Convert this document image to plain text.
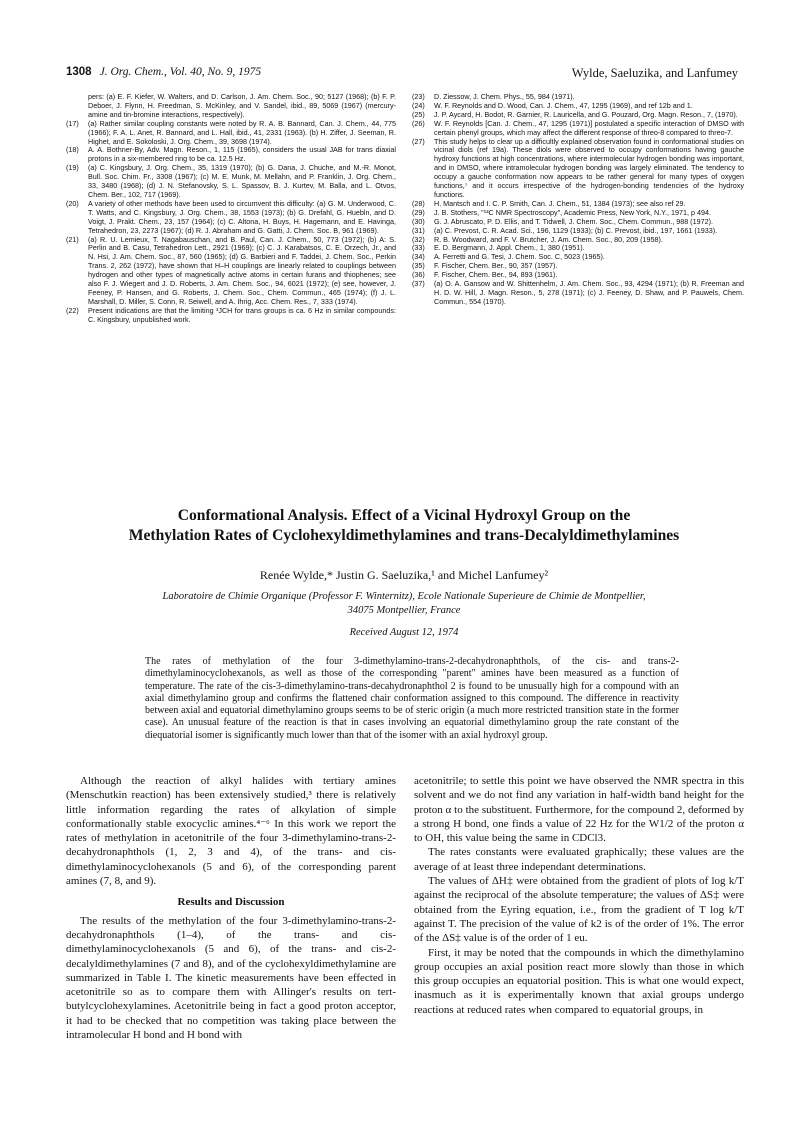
1308 J. Org. Chem., Vol. 40, No. 9, 1975	Wylde, Saeluzika, and Lanfumey
pers: (a) E. F. Kiefer, W. Walters, and D. Carlson, J. Am. Chem. Soc., 90; 5127 (1968); (b) F. P. Deboer, J. Flynn, H. Freedman, S. McKinley, and V. Sandel, ibid., 89, 5069 (1967) (mercury-amine and tin-bromine interactions, respectively).
(17)	(a) Rather similar coupling constants were noted by R. A. B. Bannard, Can. J. Chem., 44, 775 (1966); F. A. L. Anet, R. Bannard, and L. Hall, ibid., 41, 2331 (1963). (b) H. Ziffer, J. Seeman, R. Highet, and E. Sokoloski, J. Org. Chem., 39, 3698 (1974).
(18)	A. A. Bothner-By, Adv. Magn. Reson., 1, 115 (1965), considers the usual JAB for trans diaxial protons in a six-membered ring to be ca. 12.5 Hz.
(19)	(a) C. Kingsbury, J. Org. Chem., 35, 1319 (1970); (b) G. Dana, J. Chuche, and M.-R. Monot, Bull. Soc. Chim. Fr., 3308 (1967); (c) M. E. Munk, M. Mellahn, and P. Franklin, J. Org. Chem., 33, 3480 (1968); (d) J. N. Stefanovsky, S. L. Spassov, B. J. Kurtev, M. Balla, and L. Otvos, Chem. Ber., 102, 717 (1969).
(20)	A variety of other methods have been used to circumvent this difficulty: (a) G. M. Underwood, C. T. Watts, and C. Kingsbury, J. Org. Chem., 38, 1553 (1973); (b) G. Drefahl, G. Huebln, and D. Voigt, J. Prakt. Chem., 23, 157 (1964); (c) C. Altona, H. Buys, H. Hagemann, and E. Havinga, Tetrahedron, 23, 2273 (1967); (d) R. J. Abraham and G. Gatti, J. Chem. Soc. B, 961 (1969).
(21)	(a) R. U. Lemieux, T. Nagabauschan, and B. Paul, Can. J. Chem., 50, 773 (1972); (b) A: S. Perlin and B. Casu, Tetrahedron Lett., 2921 (1969); (c) C. J. Karabatsos, C. E. Orzech, Jr., and N. Hsi, J. Am. Chem. Soc., 87, 560 (1965); (d) G. Barbieri and F. Taddei, J. Chem. Soc., Perkin Trans. 2, 262 (1972), have shown that H–H couplings are linearly related to couplings between hydrogen and other types of magnetically active atoms in certain furans and thiophenes; see also F. J. Wiegert and J. D. Roberts, J. Am. Chem. Soc., 94, 6021 (1972); (e) see, however, J. Feeney, P. Hansen, and G. Roberts, J. Chem. Soc., Chem. Commun., 465 (1974); (f) J. L. Marshall, D. Miller, S. Conn, R. Seiwell, and A. Ihrig, Acc. Chem. Res., 7, 333 (1974).
(22)	Present indications are that the limiting ³JCH for trans groups is ca. 6 Hz in similar compounds: C. Kingsbury, unpublished work.
(23)	D. Ziessow, J. Chem. Phys., 55, 984 (1971).
(24)	W. F. Reynolds and D. Wood, Can. J. Chem., 47, 1295 (1969), and ref 12b and 1.
(25)	J. P. Aycard, H. Bodot, R. Garnier, R. Lauricella, and G. Pouzard, Org. Magn. Reson., 7, (1970).
(26)	W. F. Reynolds [Can. J. Chem., 47, 1295 (1971)] postulated a specific interaction of DMSO with certain phenyl groups, which may affect the different response of threo-8 compared to threo-7.
(27)	This study helps to clear up a difficultly explained observation found in conformational studies on vicinal diols (ref 19a). These diols were observed to occupy conformations having gauche hydroxy functions at high concentrations, where intermolecular hydrogen bonding was important, and in DMSO, where intramolecular hydrogen bonding was largely eliminated. The tendency to occupy a gauche conformation now appears to be rather general for many types of oxygen functions,⁷ and it occurs irrespective of the hydrogen-bonding tendencies of the hydroxy functions.
(28)	H. Mantsch and I. C. P. Smith, Can. J. Chem., 51, 1384 (1973); see also ref 29.
(29)	J. B. Stothers, "¹³C NMR Spectroscopy", Academic Press, New York, N.Y., 1971, p 494.
(30)	G. J. Abruscato, P. D. Ellis, and T. Tidwell, J. Chem. Soc., Chem. Commun., 988 (1972).
(31)	(a) C. Prevost, C. R. Acad. Sci., 196, 1129 (1933); (b) C. Prevost, ibid., 197, 1661 (1933).
(32)	R. B. Woodward, and F. V. Brutcher, J. Am. Chem. Soc., 80, 209 (1958).
(33)	E. D. Bergmann, J. Appl. Chem., 1, 380 (1951).
(34)	A. Ferretti and G. Tesi, J. Chem. Soc. C, 5023 (1965).
(35)	F. Fischer, Chem. Ber., 90, 357 (1957).
(36)	F. Fischer, Chem. Ber., 94, 893 (1961).
(37)	(a) O. A. Gansow and W. Shittenhelm, J. Am. Chem. Soc., 93, 4294 (1971); (b) R. Freeman and H. D. W. Hill, J. Magn. Reson., 5, 278 (1971); (c) J. Feeney, D. Shaw, and P. Pauwels, Chem. Commun., 554 (1970).
Conformational Analysis. Effect of a Vicinal Hydroxyl Group on the
Methylation Rates of Cyclohexyldimethylamines and trans-Decalyldimethylamines
Renée Wylde,* Justin G. Saeluzika,¹ and Michel Lanfumey²
Laboratoire de Chimie Organique (Professor F. Winternitz), Ecole Nationale Superieure de Chimie de Montpellier,
34075 Montpellier, France
Received August 12, 1974
The rates of methylation of the four 3-dimethylamino-trans-2-decahydronaphthols, of the cis- and trans-2-dimethylaminocyclohexanols, as well as those of the corresponding "parent" amines have been measured as a function of temperature. The rate of the cis-3-dimethylamino-trans-decahydronaphthol 2 is found to be unusually high for a compound with an axial dimethylamino group and confirms the flattened chair conformation assigned to this compound. The difference in reactivity between axial and equatorial dimethylamino groups seems to be of steric origin (a much more restricted transition state in the former case). An unusual feature of the reaction is that in cases involving an equatorial dimethylamino group the rate constant of the diequatorial isomer is significantly much lower than that of the isomer with an axial hydroxyl group.

Although the reaction of alkyl halides with tertiary amines (Menschutkin reaction) has been extensively studied,³ there is relatively little information regarding the rates of alkylation of simple conformationally stable exocyclic amines.⁴⁻⁶ In this work we report the rates of methylation in acetonitrile of the four 3-dimethylamino-trans-2-decahydronaphthols (1, 2, 3 and 4), of the trans- and cis-dimethylaminocyclohexanols (5 and 6), of the corresponding parent amines (7, 8, and 9).

Results and Discussion

The results of the methylation of the four 3-dimethylamino-trans-2-decahydronaphthols (1–4), of the trans- and cis-dimethylaminocyclohexanols (5 and 6), of the trans- and cis-2-decalyldimethylamines (7 and 8), and of the cyclohexyldimethylamine are summarized in Table I. The kinetic measurements have been effected in acetonitrile so as to compare them with Allinger's results on tert-butylcyclohexylamines. Acetonitrile being in fact a good proton acceptor, it had to be checked that no competition was taking place between the intramolecular H bond and H bond with

acetonitrile; to settle this point we have observed the NMR spectra in this solvent and we do not find any variation in half-width band height for the proton α to the substituent. Furthermore, for the compound 2, deformed by a strong H bond, one finds a value of 22 Hz for the W1/2 of the proton α to OH, this value being the same in CDCl3.

The rates constants were evaluated graphically; these values are the average of at least three independant determinations.

The values of ΔH‡ were obtained from the gradient of plots of log k/T against the reciprocal of the absolute temperature; the values of ΔS‡ were obtained from the Eyring equation, i.e., from the gradient of T log k/T against T. The precision of the value of k2 is of the order of 1%. The error of the ΔS‡ value is of the order of 1 eu.

First, it may be noted that the compounds in which the dimethylamino group occupies an axial position react more slowly than those in which this group occupies an equatorial position. This is what one would expect, inasmuch as it is experimentally known that axial groups undergo reactions at reduced rates when compared to equatorial groups, in
